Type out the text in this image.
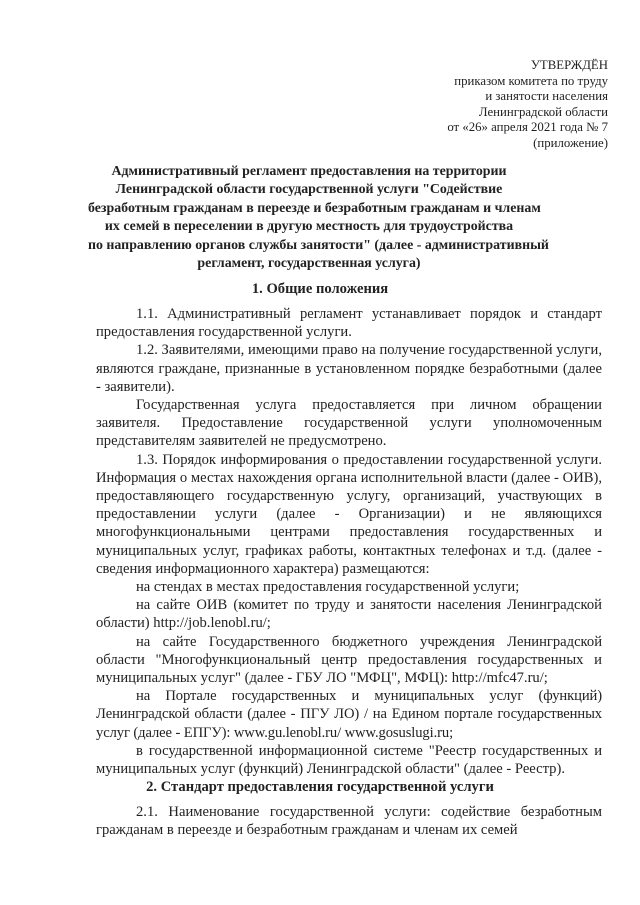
УТВЕРЖДЁН
приказом комитета по труду
и занятости населения
Ленинградской области
от «26» апреля 2021 года № 7
(приложение)
Административный регламент предоставления на территории
Ленинградской области государственной услуги "Содействие
безработным гражданам в переезде и безработным гражданам и членам
их семей в переселении в другую местность для трудоустройства
по направлению органов службы занятости" (далее - административный
регламент, государственная услуга)
1. Общие положения

1.1. Административный регламент устанавливает порядок и стандарт предоставления государственной услуги.

1.2. Заявителями, имеющими право на получение государственной услуги, являются граждане, признанные в установленном порядке безработными (далее - заявители).

Государственная услуга предоставляется при личном обращении заявителя. Предоставление государственной услуги уполномоченным представителям заявителей не предусмотрено.

1.3. Порядок информирования о предоставлении государственной услуги. Информация о местах нахождения органа исполнительной власти (далее - ОИВ), предоставляющего государственную услугу, организаций, участвующих в предоставлении услуги (далее - Организации) и не являющихся многофункциональными центрами предоставления государственных и муниципальных услуг, графиках работы, контактных телефонах и т.д. (далее - сведения информационного характера) размещаются:

на стендах в местах предоставления государственной услуги;

на сайте ОИВ (комитет по труду и занятости населения Ленинградской области) http://job.lenobl.ru/;

на сайте Государственного бюджетного учреждения Ленинградской области "Многофункциональный центр предоставления государственных и муниципальных услуг" (далее - ГБУ ЛО "МФЦ", МФЦ): http://mfc47.ru/;

на Портале государственных и муниципальных услуг (функций) Ленинградской области (далее - ПГУ ЛО) / на Едином портале государственных услуг (далее - ЕПГУ): www.gu.lenobl.ru/ www.gosuslugi.ru;

в государственной информационной системе "Реестр государственных и муниципальных услуг (функций) Ленинградской области" (далее - Реестр).

2. Стандарт предоставления государственной услуги

2.1. Наименование государственной услуги: содействие безработным гражданам в переезде и безработным гражданам и членам их семей
